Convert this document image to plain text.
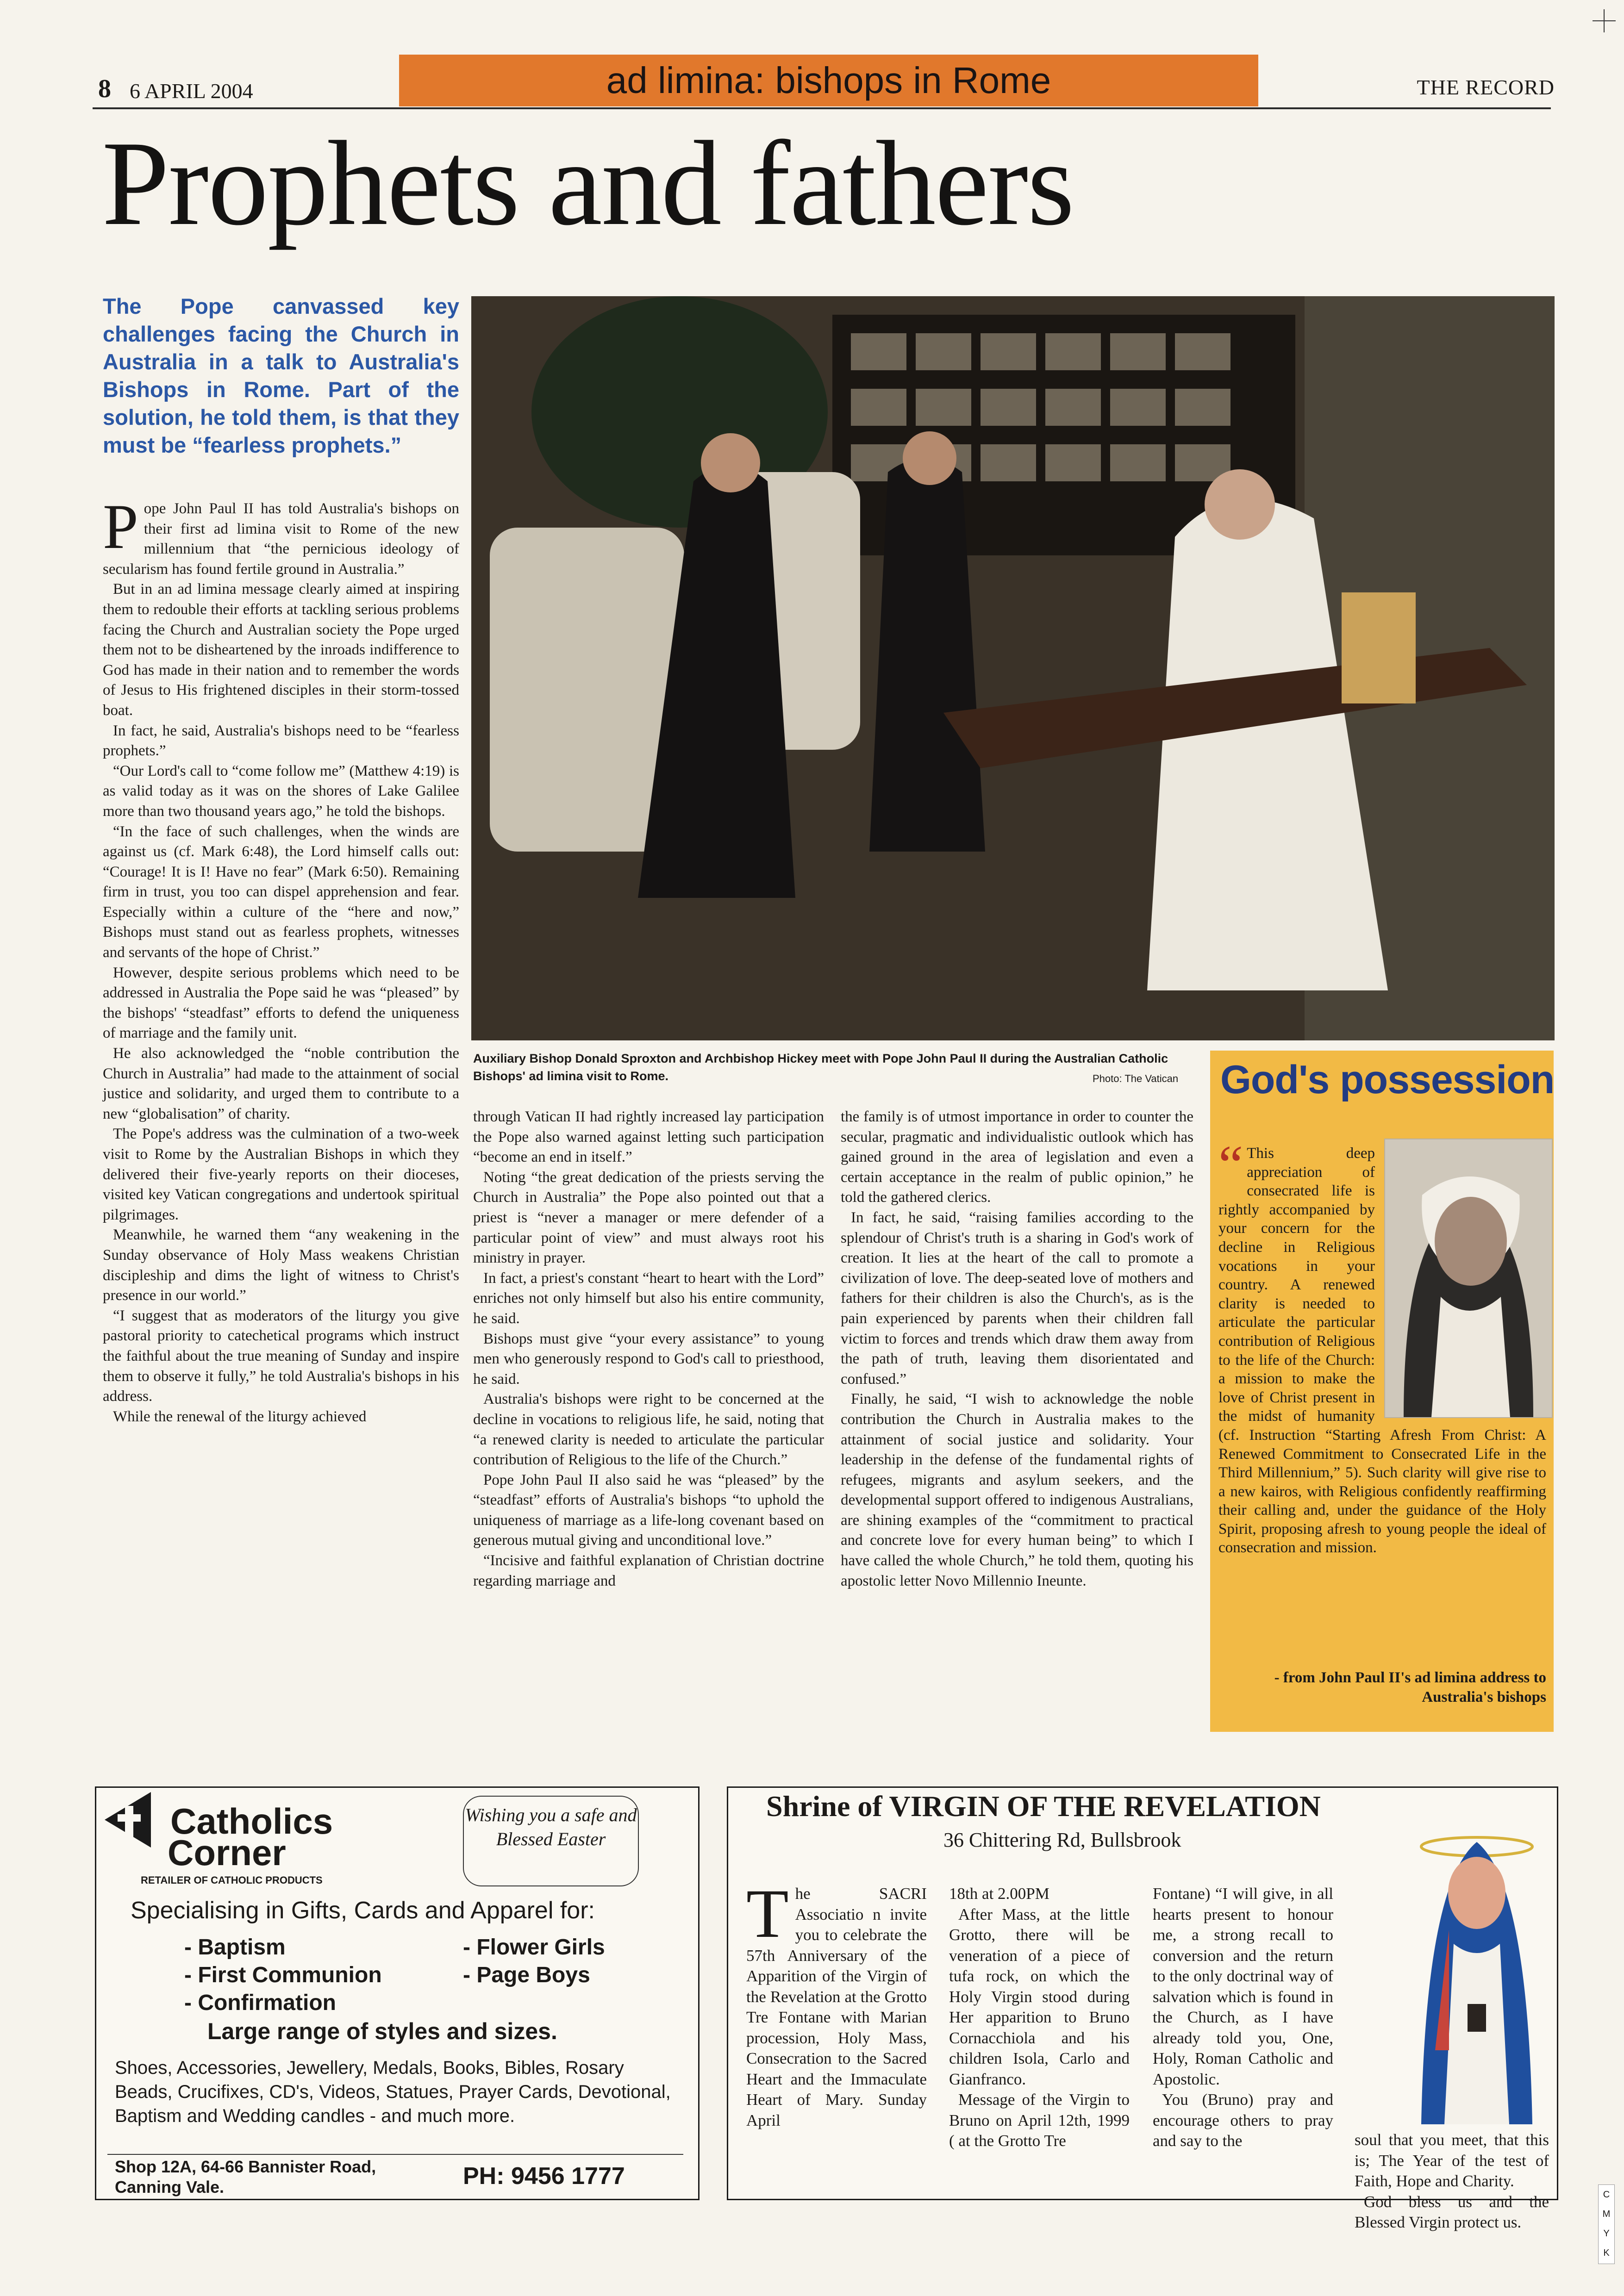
8 6 APRIL 2004	ad limina: bishops in Rome	THE RECORD
Prophets and fathers
The Pope canvassed key challenges facing the Church in Australia in a talk to Australia's Bishops in Rome. Part of the solution, he told them, is that they must be “fearless prophets.”
P ope John Paul II has told Australia's bishops on their first ad limina visit to Rome of the new millennium that “the pernicious ideology of secularism has found fertile ground in Australia.”

But in an ad limina message clearly aimed at inspiring them to redouble their efforts at tackling serious problems facing the Church and Australian society the Pope urged them not to be disheartened by the inroads indifference to God has made in their nation and to remember the words of Jesus to His frightened disciples in their storm-tossed boat.

In fact, he said, Australia's bishops need to be “fearless prophets.”

“Our Lord's call to “come follow me” (Matthew 4:19) is as valid today as it was on the shores of Lake Galilee more than two thousand years ago,” he told the bishops.

“In the face of such challenges, when the winds are against us (cf. Mark 6:48), the Lord himself calls out: “Courage! It is I! Have no fear” (Mark 6:50). Remaining firm in trust, you too can dispel apprehension and fear. Especially within a culture of the “here and now,” Bishops must stand out as fearless prophets, witnesses and servants of the hope of Christ.”

However, despite serious problems which need to be addressed in Australia the Pope said he was “pleased” by the bishops' “steadfast” efforts to defend the uniqueness of marriage and the family unit.

He also acknowledged the “noble contribution the Church in Australia” had made to the attainment of social justice and solidarity, and urged them to contribute to a new “globalisation” of charity.

The Pope's address was the culmination of a two-week visit to Rome by the Australian Bishops in which they delivered their five-yearly reports on their dioceses, visited key Vatican congregations and undertook spiritual pilgrimages.

Meanwhile, he warned them “any weakening in the Sunday observance of Holy Mass weakens Christian discipleship and dims the light of witness to Christ's presence in our world.”

“I suggest that as moderators of the liturgy you give pastoral priority to catechetical programs which instruct the faithful about the true meaning of Sunday and inspire them to observe it fully,” he told Australia's bishops in his address.

While the renewal of the liturgy achieved

Auxiliary Bishop Donald Sproxton and Archbishop Hickey meet with Pope John Paul II during the Australian Catholic Bishops' ad limina visit to Rome.	Photo: The Vatican

through Vatican II had rightly increased lay participation the Pope also warned against letting such participation “become an end in itself.”

Noting “the great dedication of the priests serving the Church in Australia” the Pope also pointed out that a priest is “never a manager or mere defender of a particular point of view” and must always root his ministry in prayer.

In fact, a priest's constant “heart to heart with the Lord” enriches not only himself but also his entire community, he said.

Bishops must give “your every assistance” to young men who generously respond to God's call to priesthood, he said.

Australia's bishops were right to be concerned at the decline in vocations to religious life, he said, noting that “a renewed clarity is needed to articulate the particular contribution of Religious to the life of the Church.”

Pope John Paul II also said he was “pleased” by the “steadfast” efforts of Australia's bishops “to uphold the uniqueness of marriage as a life-long covenant based on generous mutual giving and unconditional love.”

“Incisive and faithful explanation of Christian doctrine regarding marriage and

the family is of utmost importance in order to counter the secular, pragmatic and individualistic outlook which has gained ground in the area of legislation and even a certain acceptance in the realm of public opinion,” he told the gathered clerics.

In fact, he said, “raising families according to the splendour of Christ's truth is a sharing in God's work of creation. It lies at the heart of the call to promote a civilization of love. The deep-seated love of mothers and fathers for their children is also the Church's, as is the pain experienced by parents when their children fall victim to forces and trends which draw them away from the path of truth, leaving them disorientated and confused.”

Finally, he said, “I wish to acknowledge the noble contribution the Church in Australia makes to the attainment of social justice and solidarity. Your leadership in the defense of the fundamental rights of refugees, migrants and asylum seekers, and the developmental support offered to indigenous Australians, are shining examples of the “commitment to practical and concrete love for every human being” to which I have called the whole Church,” he told them, quoting his apostolic letter Novo Millennio Ineunte.

God's possession
“ This deep appreciation of consecrated life is rightly accompanied by your concern for the decline in Religious vocations in your country. A renewed clarity is needed to articulate the particular contribution of Religious to the life of the Church: a mission to make the love of Christ present in the midst of humanity (cf. Instruction “Starting Afresh From Christ: A Renewed Commitment to Consecrated Life in the Third Millennium,” 5). Such clarity will give rise to a new kairos, with Religious confidently reaffirming their calling and, under the guidance of the Holy Spirit, proposing afresh to young people the ideal of consecration and mission.
- from John Paul II's ad limina address to Australia's bishops
Catholics
Corner
RETAILER OF CATHOLIC PRODUCTS
Wishing you a safe and Blessed Easter
Specialising in Gifts, Cards and Apparel for:
- Baptism
- First Communion
- Confirmation
- Flower Girls
- Page Boys
Large range of styles and sizes.
Shoes, Accessories, Jewellery, Medals, Books, Bibles, Rosary Beads, Crucifixes, CD's, Videos, Statues, Prayer Cards, Devotional, Baptism and Wedding candles - and much more.
Shop 12A, 64-66 Bannister Road,
Canning Vale.	PH: 9456 1777
Shrine of VIRGIN OF THE REVELATION
36 Chittering Rd, Bullsbrook
T he SACRI Associatio n invite you to celebrate the 57th Anniversary of the Apparition of the Virgin of the Revelation at the Grotto Tre Fontane with Marian procession, Holy Mass, Consecration to the Sacred Heart and the Immaculate Heart of Mary. Sunday April

18th at 2.00PM

After Mass, at the little Grotto, there will be veneration of a piece of tufa rock, on which the Holy Virgin stood during Her apparition to Bruno Cornacchiola and his children Isola, Carlo and Gianfranco.

Message of the Virgin to Bruno on April 12th, 1999 ( at the Grotto Tre

Fontane) “I will give, in all hearts present to honour me, a strong recall to conversion and the return to the only doctrinal way of salvation which is found in the Church, as I have already told you, One, Holy, Roman Catholic and Apostolic.

You (Bruno) pray and encourage others to pray and say to the	soul that you meet, that this is; The Year of the test of Faith, Hope and Charity.

God bless us and the Blessed Virgin protect us.

C
M
Y
K
